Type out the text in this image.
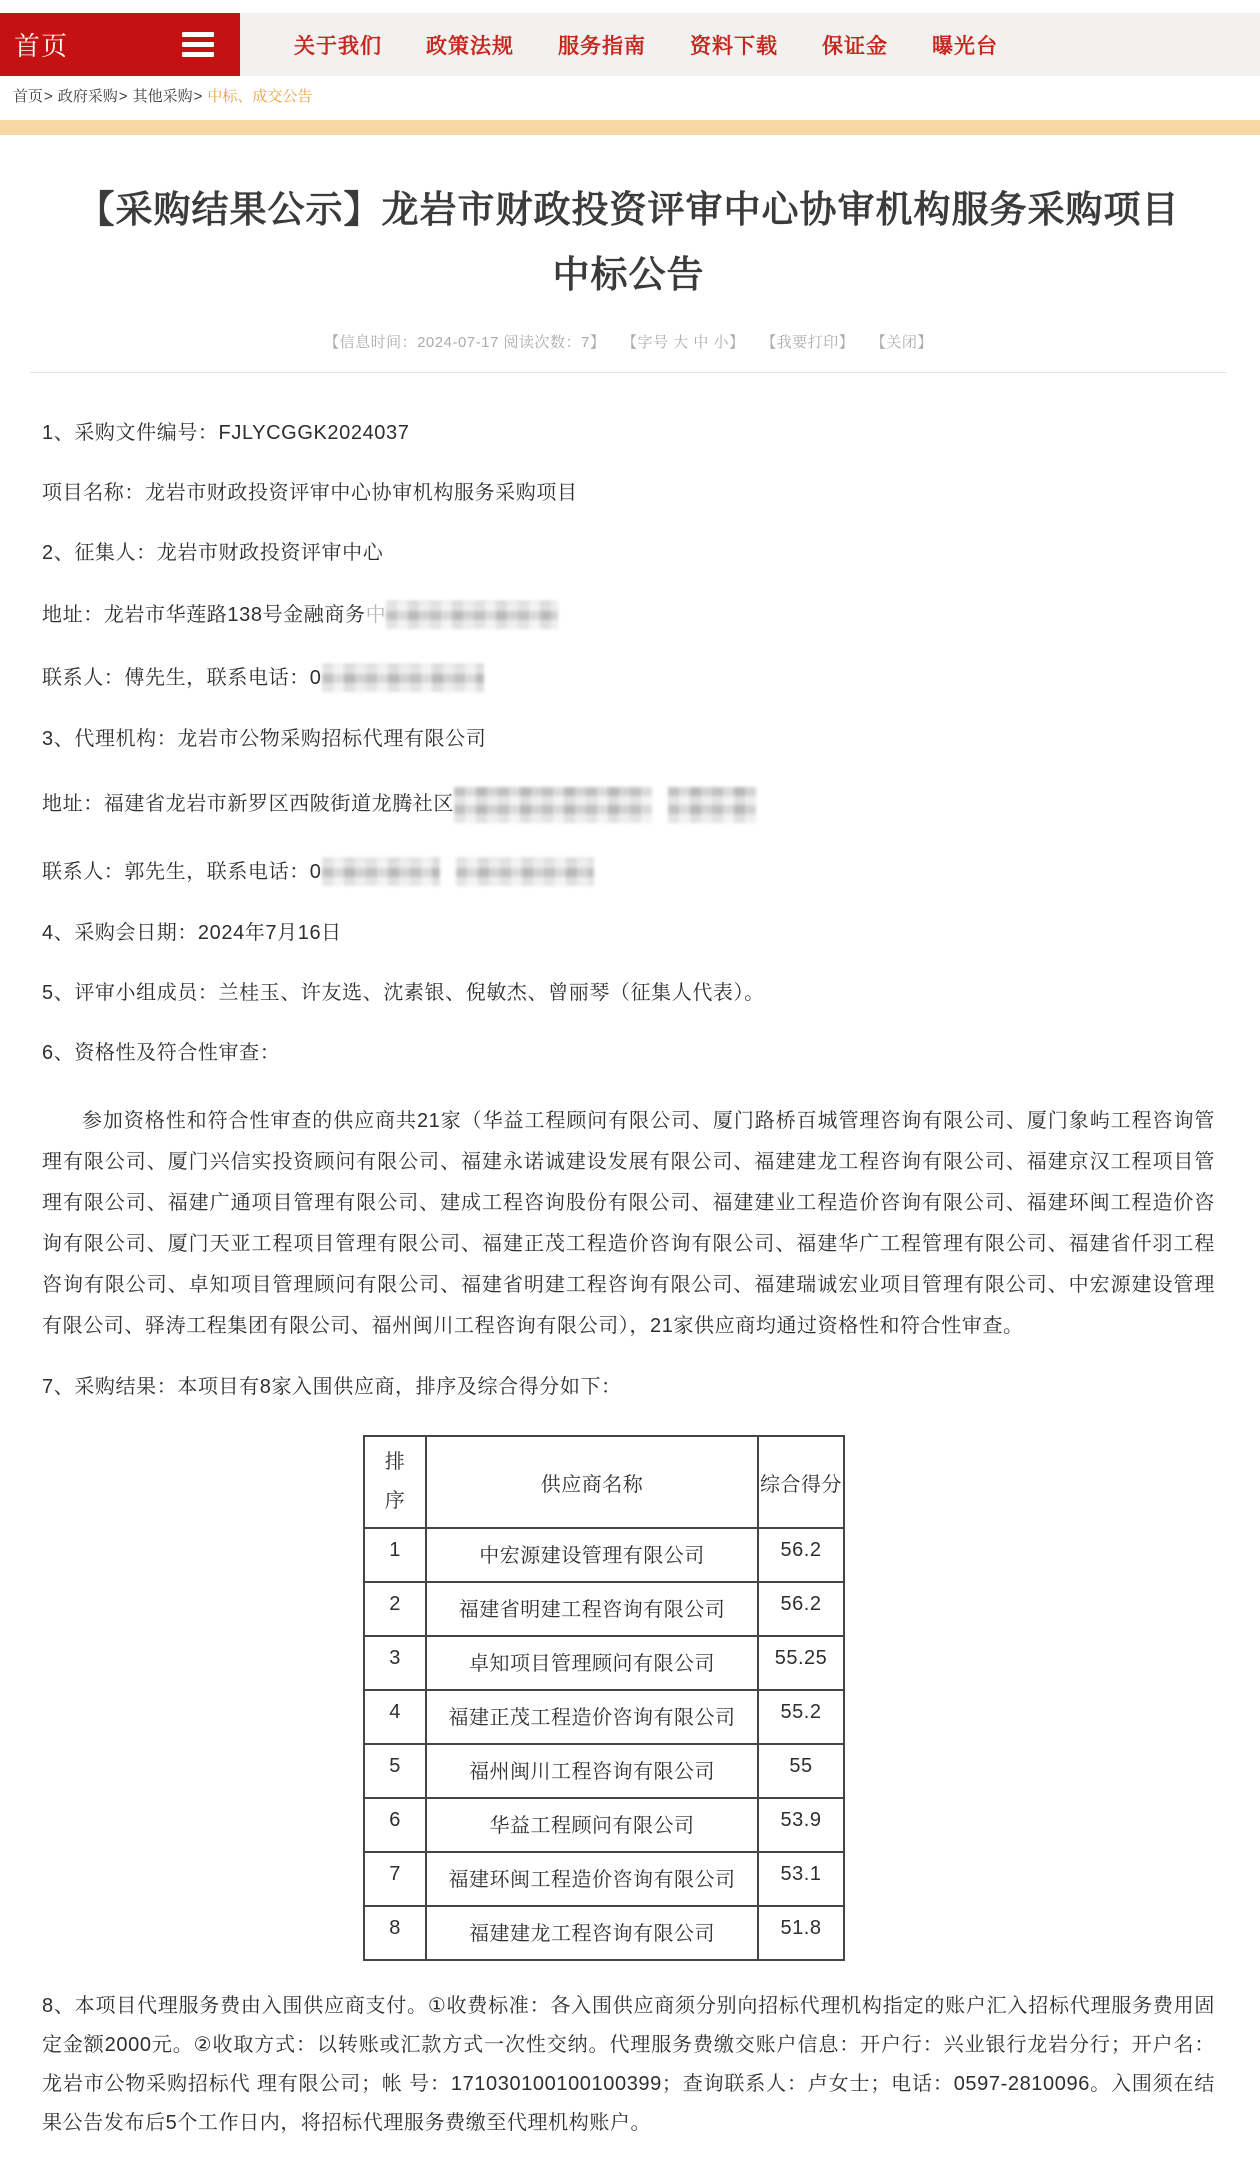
首页	关于我们 政策法规 服务指南 资料下载 保证金 曝光台
首页> 政府采购> 其他采购> 中标、成交公告
【采购结果公示】龙岩市财政投资评审中心协审机构服务采购项目
中标公告
【信息时间：2024-07-17 阅读次数：7】 【字号 大 中 小】 【我要打印】 【关闭】

1、采购文件编号：FJLYCGGK2024037

项目名称：龙岩市财政投资评审中心协审机构服务采购项目

2、征集人：龙岩市财政投资评审中心

地址：龙岩市华莲路138号金融商务中

联系人：傅先生，联系电话：0

3、代理机构：龙岩市公物采购招标代理有限公司

地址：福建省龙岩市新罗区西陂街道龙腾社区

联系人：郭先生，联系电话：0

4、采购会日期：2024年7月16日

5、评审小组成员：兰桂玉、许友选、沈素银、倪敏杰、曾丽琴（征集人代表）。

6、资格性及符合性审查：

参加资格性和符合性审查的供应商共21家（华益工程顾问有限公司、厦门路桥百城管理咨询有限公司、厦门象屿工程咨询管理有限公司、厦门兴信实投资顾问有限公司、福建永诺诚建设发展有限公司、福建建龙工程咨询有限公司、福建京汉工程项目管理有限公司、福建广通项目管理有限公司、建成工程咨询股份有限公司、福建建业工程造价咨询有限公司、福建环闽工程造价咨询有限公司、厦门天亚工程项目管理有限公司、福建正茂工程造价咨询有限公司、福建华广工程管理有限公司、福建省仟羽工程咨询有限公司、卓知项目管理顾问有限公司、福建省明建工程咨询有限公司、福建瑞诚宏业项目管理有限公司、中宏源建设管理有限公司、驿涛工程集团有限公司、福州闽川工程咨询有限公司），21家供应商均通过资格性和符合性审查。

7、采购结果：本项目有8家入围供应商，排序及综合得分如下：

排序	供应商名称	综合得分
1	中宏源建设管理有限公司	56.2
2	福建省明建工程咨询有限公司	56.2
3	卓知项目管理顾问有限公司	55.25
4	福建正茂工程造价咨询有限公司	55.2
5	福州闽川工程咨询有限公司	55
6	华益工程顾问有限公司	53.9
7	福建环闽工程造价咨询有限公司	53.1
8	福建建龙工程咨询有限公司	51.8

8、本项目代理服务费由入围供应商支付。①收费标准：各入围供应商须分别向招标代理机构指定的账户汇入招标代理服务费用固定金额2000元。②收取方式：以转账或汇款方式一次性交纳。代理服务费缴交账户信息：开户行：兴业银行龙岩分行；开户名：龙岩市公物采购招标代 理有限公司；帐 号：171030100100100399；查询联系人：卢女士；电话：0597-2810096。入围须在结果公告发布后5个工作日内，将招标代理服务费缴至代理机构账户。
